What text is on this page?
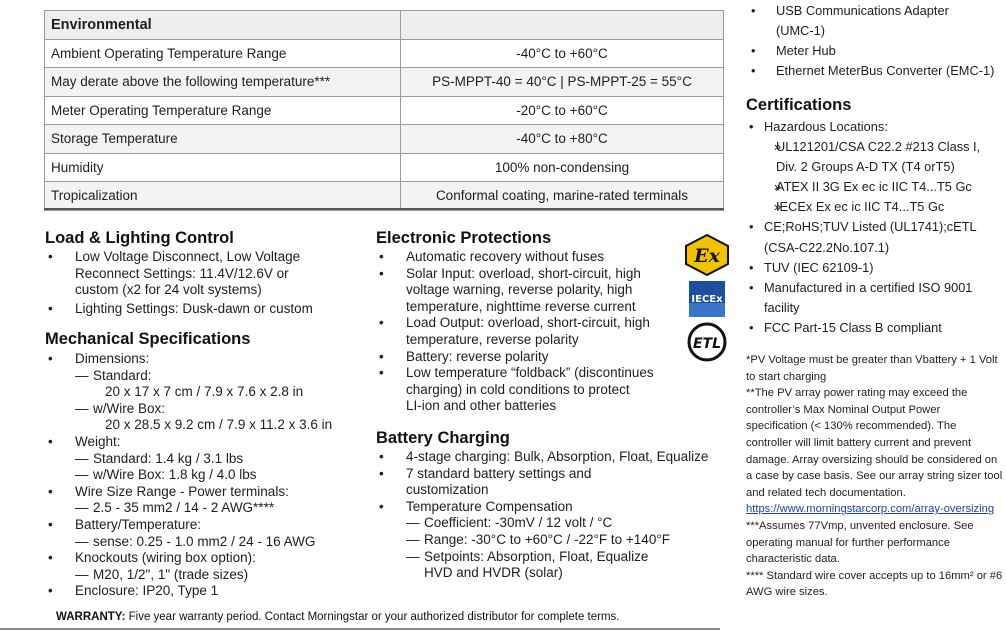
Environmental	
Ambient Operating Temperature Range	-40°C to +60°C
May derate above the following temperature***	PS-MPPT-40 = 40°C | PS-MPPT-25 = 55°C
Meter Operating Temperature Range	-20°C to +60°C
Storage Temperature	-40°C to +80°C
Humidity	100% non-condensing
Tropicalization	Conformal coating, marine-rated terminals
Load & Lighting Control
• Low Voltage Disconnect, Low Voltage
Reconnect Settings: 11.4V/12.6V or
custom (x2 for 24 volt systems)
• Lighting Settings: Dusk-dawn or custom
Mechanical Specifications
• Dimensions:
— Standard:
20 x 17 x 7 cm / 7.9 x 7.6 x 2.8 in
— w/Wire Box:
20 x 28.5 x 9.2 cm / 7.9 x 11.2 x 3.6 in
• Weight:
— Standard: 1.4 kg / 3.1 lbs
— w/Wire Box: 1.8 kg / 4.0 lbs
• Wire Size Range - Power terminals:
— 2.5 - 35 mm2 / 14 - 2 AWG****
• Battery/Temperature:
— sense: 0.25 - 1.0 mm2 / 24 - 16 AWG
• Knockouts (wiring box option):
— M20, 1/2", 1" (trade sizes)
• Enclosure: IP20, Type 1
Electronic Protections
• Automatic recovery without fuses
• Solar Input: overload, short-circuit, high
voltage warning, reverse polarity, high
temperature, nighttime reverse current
• Load Output: overload, short-circuit, high
temperature, reverse polarity
• Battery: reverse polarity
• Low temperature “foldback” (discontinues
charging) in cold conditions to protect
LI-ion and other batteries
Battery Charging
• 4-stage charging: Bulk, Absorption, Float, Equalize
• 7 standard battery settings and
customization
• Temperature Compensation
— Coefficient: -30mV / 12 volt / °C
— Range: -30°C to +60°C / -22°F to +140°F
— Setpoints: Absorption, Float, Equalize
HVD and HVDR (solar)
Ex
IECEx
ETL
• USB Communications Adapter
(UMC-1)
• Meter Hub
• Ethernet MeterBus Converter (EMC-1)
Certifications
• Hazardous Locations:
» UL121201/CSA C22.2 #213 Class I,
Div. 2 Groups A-D TX (T4 orT5)
» ATEX II 3G Ex ec ic IIC T4...T5 Gc
» IECEx Ex ec ic IIC T4...T5 Gc
• CE;RoHS;TUV Listed (UL1741);cETL
(CSA-C22.2No.107.1)
• TUV (IEC 62109-1)
• Manufactured in a certified ISO 9001
facility
• FCC Part-15 Class B compliant

*PV Voltage must be greater than Vbattery + 1 Volt to start charging

**The PV array power rating may exceed the controller’s Max Nominal Output Power specification (< 130% recommended). The controller will limit battery current and prevent damage. Array oversizing should be considered on a case by case basis. See our array string sizer tool and related tech documentation. https://www.morningstarcorp.com/array-oversizing

***Assumes 77Vmp, unvented enclosure. See operating manual for further performance characteristic data.

**** Standard wire cover accepts up to 16mm² or #6 AWG wire sizes.

WARRANTY: Five year warranty period. Contact Morningstar or your authorized distributor for complete terms.
